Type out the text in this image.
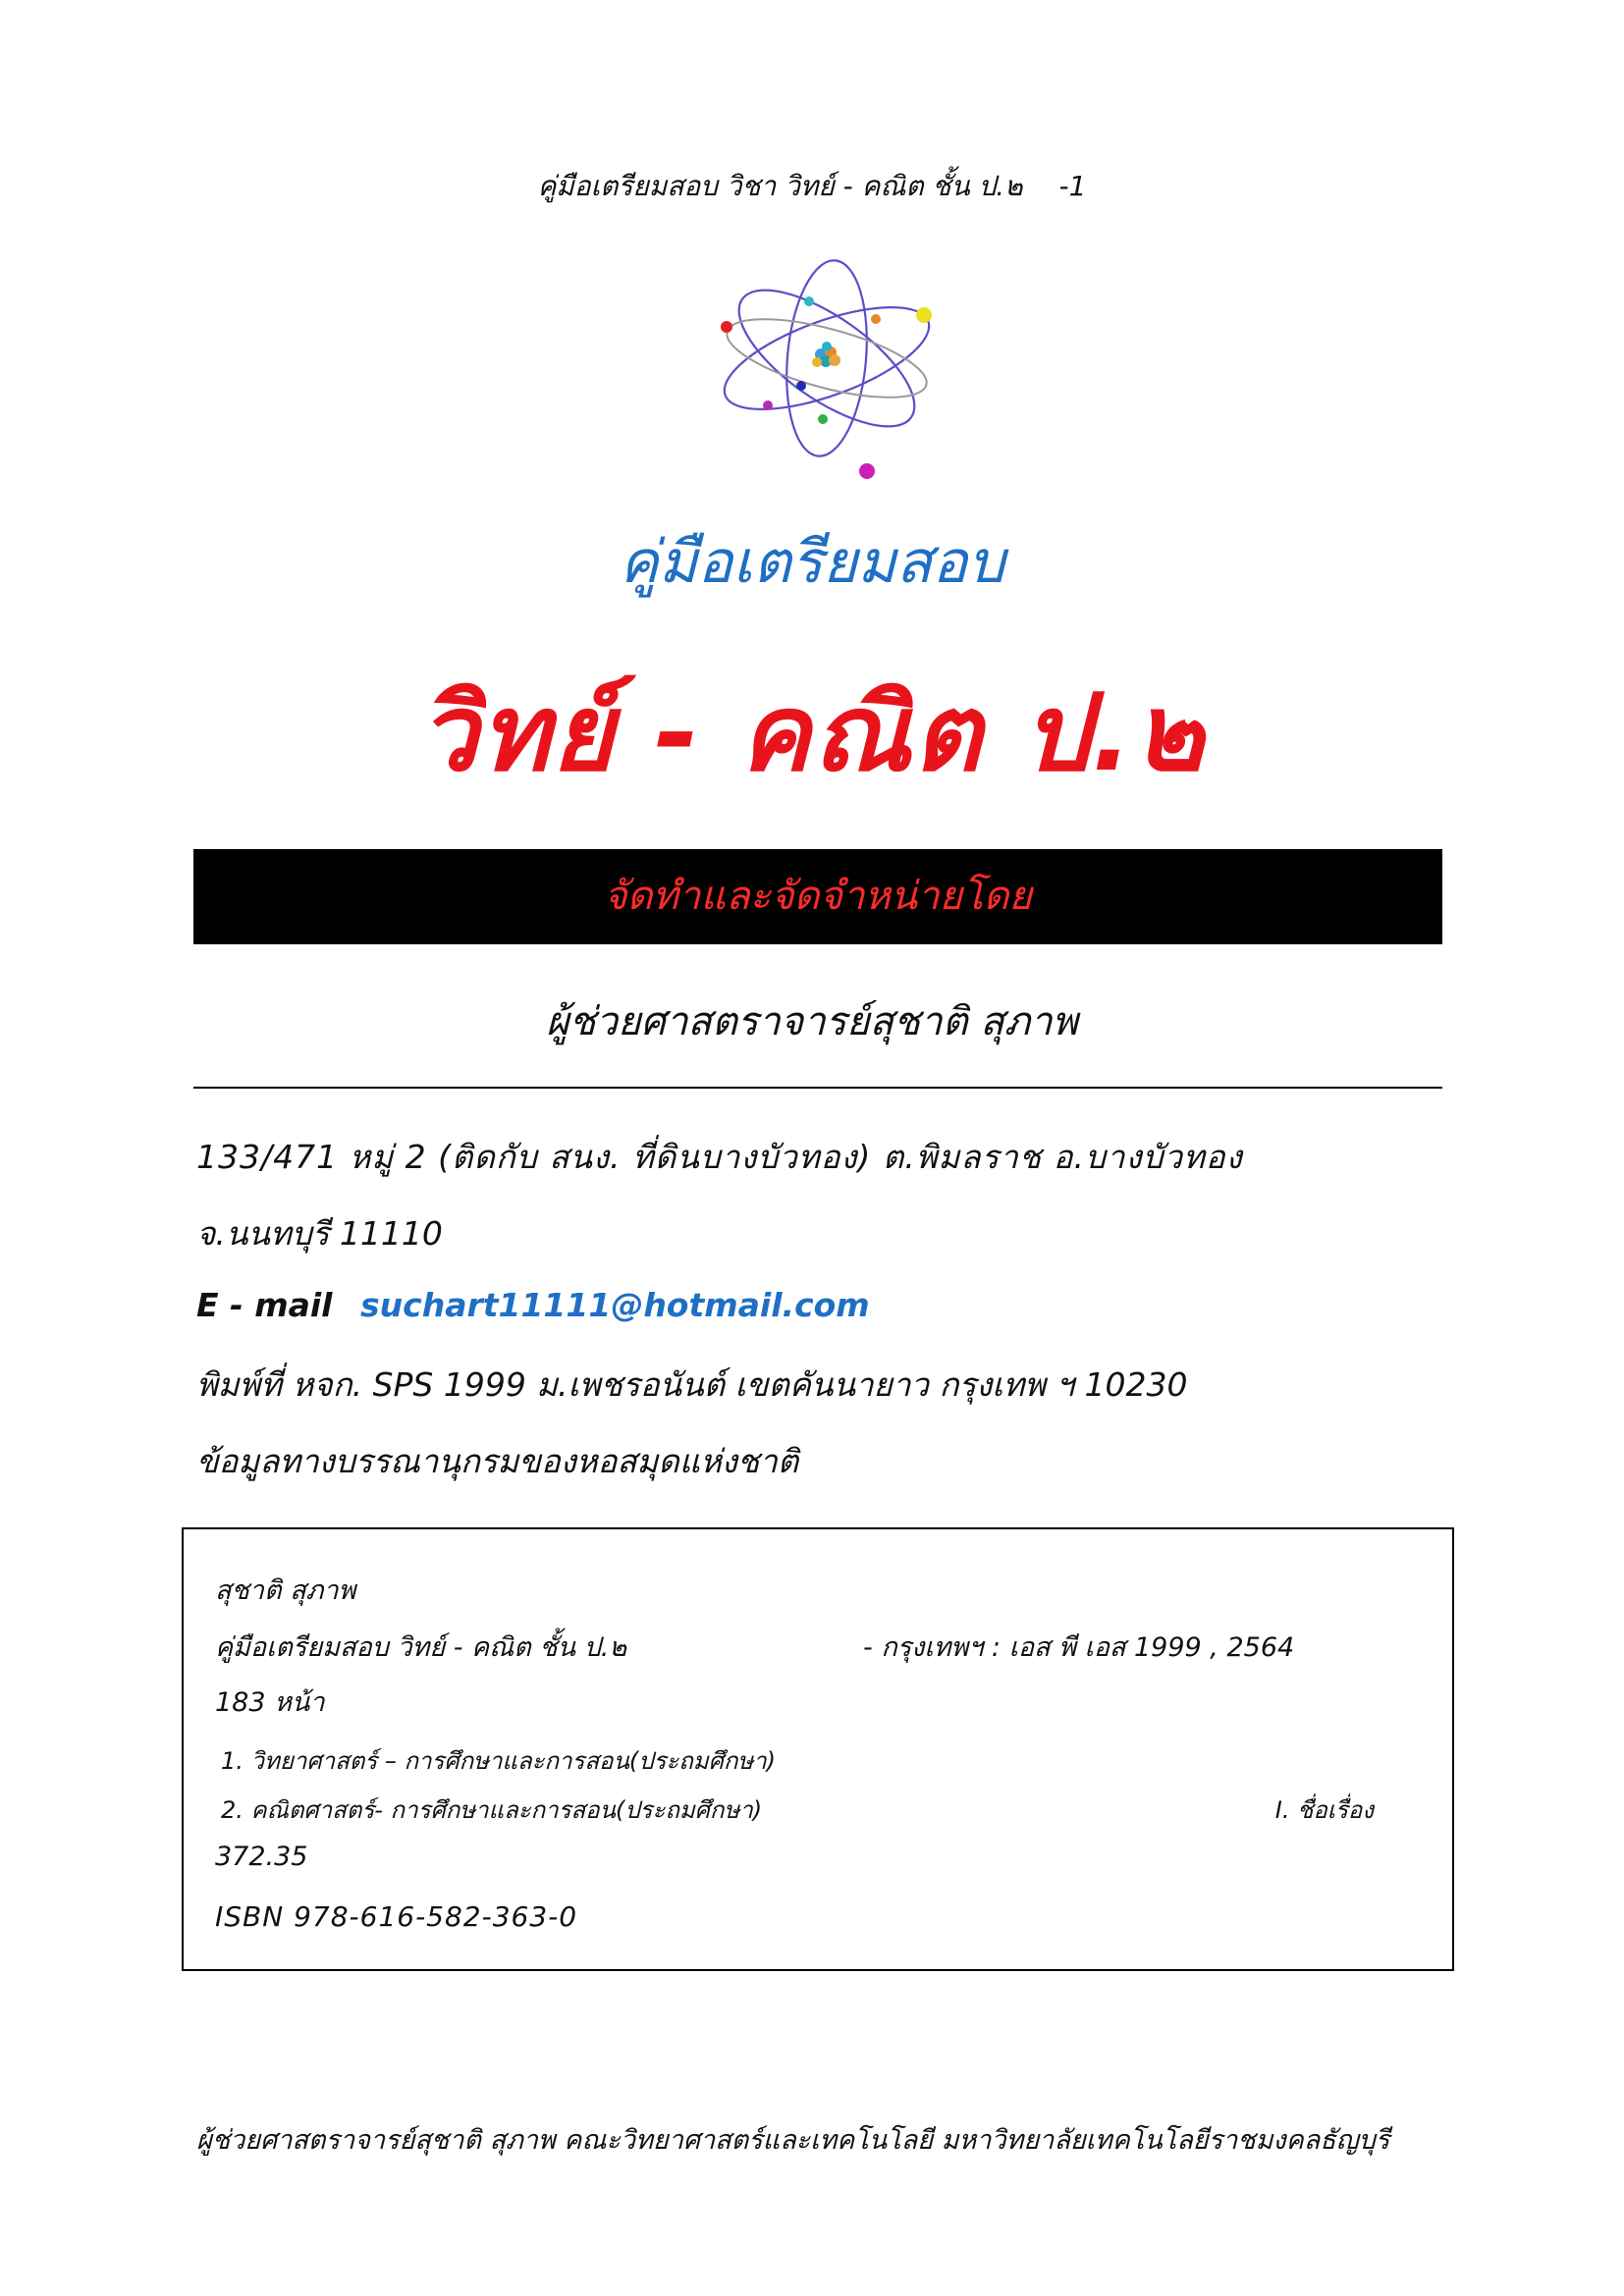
คู่มือเตรียมสอบ วิชา วิทย์ - คณิต ชั้น ป.๒ -1
คู่มือเตรียมสอบ
วิทย์ - คณิต ป.๒
จัดทำและจัดจำหน่ายโดย
ผู้ช่วยศาสตราจารย์สุชาติ สุภาพ
133/471 หมู่ 2 (ติดกับ สนง. ที่ดินบางบัวทอง) ต.พิมลราช อ.บางบัวทอง
จ.นนทบุรี 11110
E - mail suchart11111@hotmail.com
พิมพ์ที่ หจก. SPS 1999 ม.เพชรอนันต์ เขตคันนายาว กรุงเทพ ฯ 10230
ข้อมูลทางบรรณานุกรมของหอสมุดแห่งชาติ
สุชาติ สุภาพ
คู่มือเตรียมสอบ วิทย์ - คณิต ชั้น ป.๒	- กรุงเทพฯ : เอส พี เอส 1999 , 2564
183 หน้า
1. วิทยาศาสตร์ – การศึกษาและการสอน(ประถมศึกษา)
2. คณิตศาสตร์- การศึกษาและการสอน(ประถมศึกษา)	I. ชื่อเรื่อง
372.35
ISBN 978-616-582-363-0
ผู้ช่วยศาสตราจารย์สุชาติ สุภาพ คณะวิทยาศาสตร์และเทคโนโลยี มหาวิทยาลัยเทคโนโลยีราชมงคลธัญบุรี
